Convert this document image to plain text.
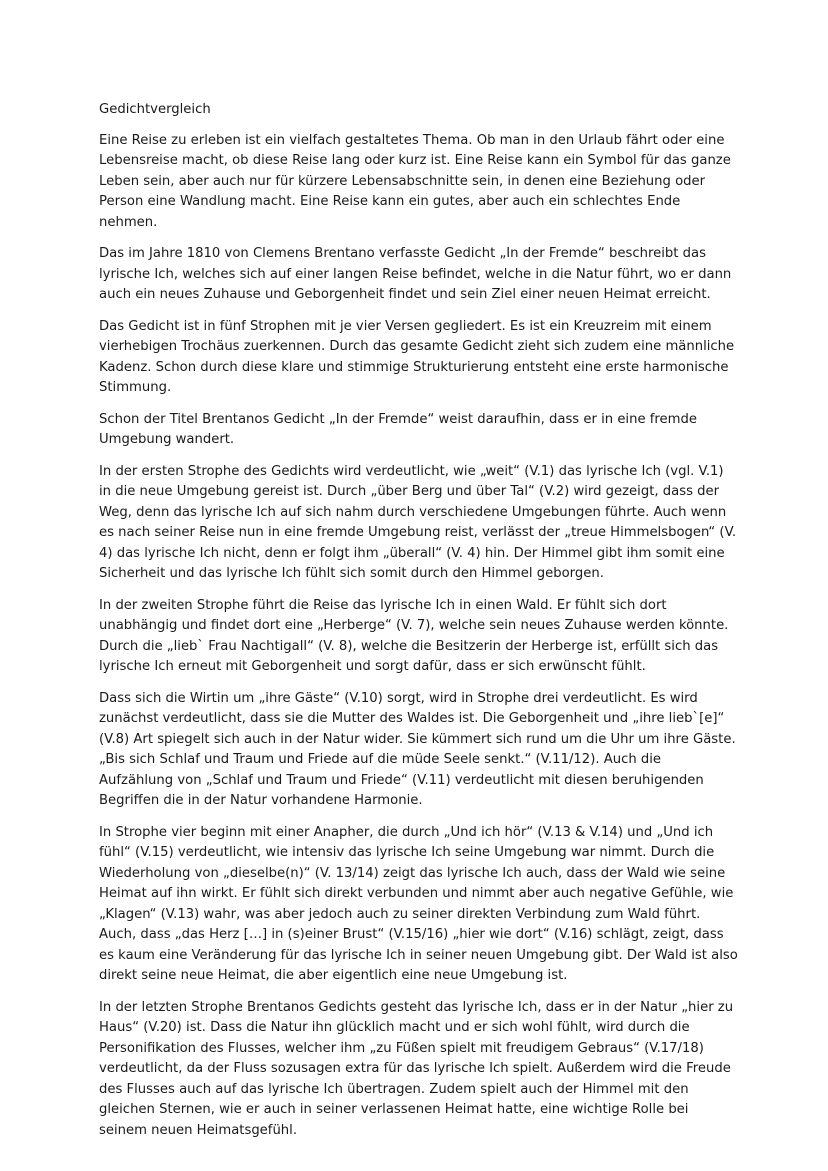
Gedichtvergleich

Eine Reise zu erleben ist ein vielfach gestaltetes Thema. Ob man in den Urlaub fährt oder eine Lebensreise macht, ob diese Reise lang oder kurz ist. Eine Reise kann ein Symbol für das ganze Leben sein, aber auch nur für kürzere Lebensabschnitte sein, in denen eine Beziehung oder Person eine Wandlung macht. Eine Reise kann ein gutes, aber auch ein schlechtes Ende nehmen.

Das im Jahre 1810 von Clemens Brentano verfasste Gedicht „In der Fremde“ beschreibt das lyrische Ich, welches sich auf einer langen Reise befindet, welche in die Natur führt, wo er dann auch ein neues Zuhause und Geborgenheit findet und sein Ziel einer neuen Heimat erreicht.

Das Gedicht ist in fünf Strophen mit je vier Versen gegliedert. Es ist ein Kreuzreim mit einem vierhebigen Trochäus zuerkennen. Durch das gesamte Gedicht zieht sich zudem eine männliche Kadenz. Schon durch diese klare und stimmige Strukturierung entsteht eine erste harmonische Stimmung.

Schon der Titel Brentanos Gedicht „In der Fremde“ weist daraufhin, dass er in eine fremde Umgebung wandert.

In der ersten Strophe des Gedichts wird verdeutlicht, wie „weit“ (V.1) das lyrische Ich (vgl. V.1) in die neue Umgebung gereist ist. Durch „über Berg und über Tal“ (V.2) wird gezeigt, dass der Weg, denn das lyrische Ich auf sich nahm durch verschiedene Umgebungen führte. Auch wenn es nach seiner Reise nun in eine fremde Umgebung reist, verlässt der „treue Himmelsbogen“ (V. 4) das lyrische Ich nicht, denn er folgt ihm „überall“ (V. 4) hin. Der Himmel gibt ihm somit eine Sicherheit und das lyrische Ich fühlt sich somit durch den Himmel geborgen.

In der zweiten Strophe führt die Reise das lyrische Ich in einen Wald. Er fühlt sich dort unabhängig und findet dort eine „Herberge“ (V. 7), welche sein neues Zuhause werden könnte. Durch die „lieb` Frau Nachtigall“ (V. 8), welche die Besitzerin der Herberge ist, erfüllt sich das lyrische Ich erneut mit Geborgenheit und sorgt dafür, dass er sich erwünscht fühlt.

Dass sich die Wirtin um „ihre Gäste“ (V.10) sorgt, wird in Strophe drei verdeutlicht. Es wird zunächst verdeutlicht, dass sie die Mutter des Waldes ist. Die Geborgenheit und „ihre lieb`[e]“ (V.8) Art spiegelt sich auch in der Natur wider. Sie kümmert sich rund um die Uhr um ihre Gäste. „Bis sich Schlaf und Traum und Friede auf die müde Seele senkt.“ (V.11/12). Auch die Aufzählung von „Schlaf und Traum und Friede“ (V.11) verdeutlicht mit diesen beruhigenden Begriffen die in der Natur vorhandene Harmonie.

In Strophe vier beginn mit einer Anapher, die durch „Und ich hör“ (V.13 & V.14) und „Und ich fühl“ (V.15) verdeutlicht, wie intensiv das lyrische Ich seine Umgebung war nimmt. Durch die Wiederholung von „dieselbe(n)“ (V. 13/14) zeigt das lyrische Ich auch, dass der Wald wie seine Heimat auf ihn wirkt. Er fühlt sich direkt verbunden und nimmt aber auch negative Gefühle, wie „Klagen“ (V.13) wahr, was aber jedoch auch zu seiner direkten Verbindung zum Wald führt. Auch, dass „das Herz […] in (s)einer Brust“ (V.15/16) „hier wie dort“ (V.16) schlägt, zeigt, dass es kaum eine Veränderung für das lyrische Ich in seiner neuen Umgebung gibt. Der Wald ist also direkt seine neue Heimat, die aber eigentlich eine neue Umgebung ist.

In der letzten Strophe Brentanos Gedichts gesteht das lyrische Ich, dass er in der Natur „hier zu Haus“ (V.20) ist. Dass die Natur ihn glücklich macht und er sich wohl fühlt, wird durch die Personifikation des Flusses, welcher ihm „zu Füßen spielt mit freudigem Gebraus“ (V.17/18) verdeutlicht, da der Fluss sozusagen extra für das lyrische Ich spielt. Außerdem wird die Freude des Flusses auch auf das lyrische Ich übertragen. Zudem spielt auch der Himmel mit den gleichen Sternen, wie er auch in seiner verlassenen Heimat hatte, eine wichtige Rolle bei seinem neuen Heimatsgefühl.
